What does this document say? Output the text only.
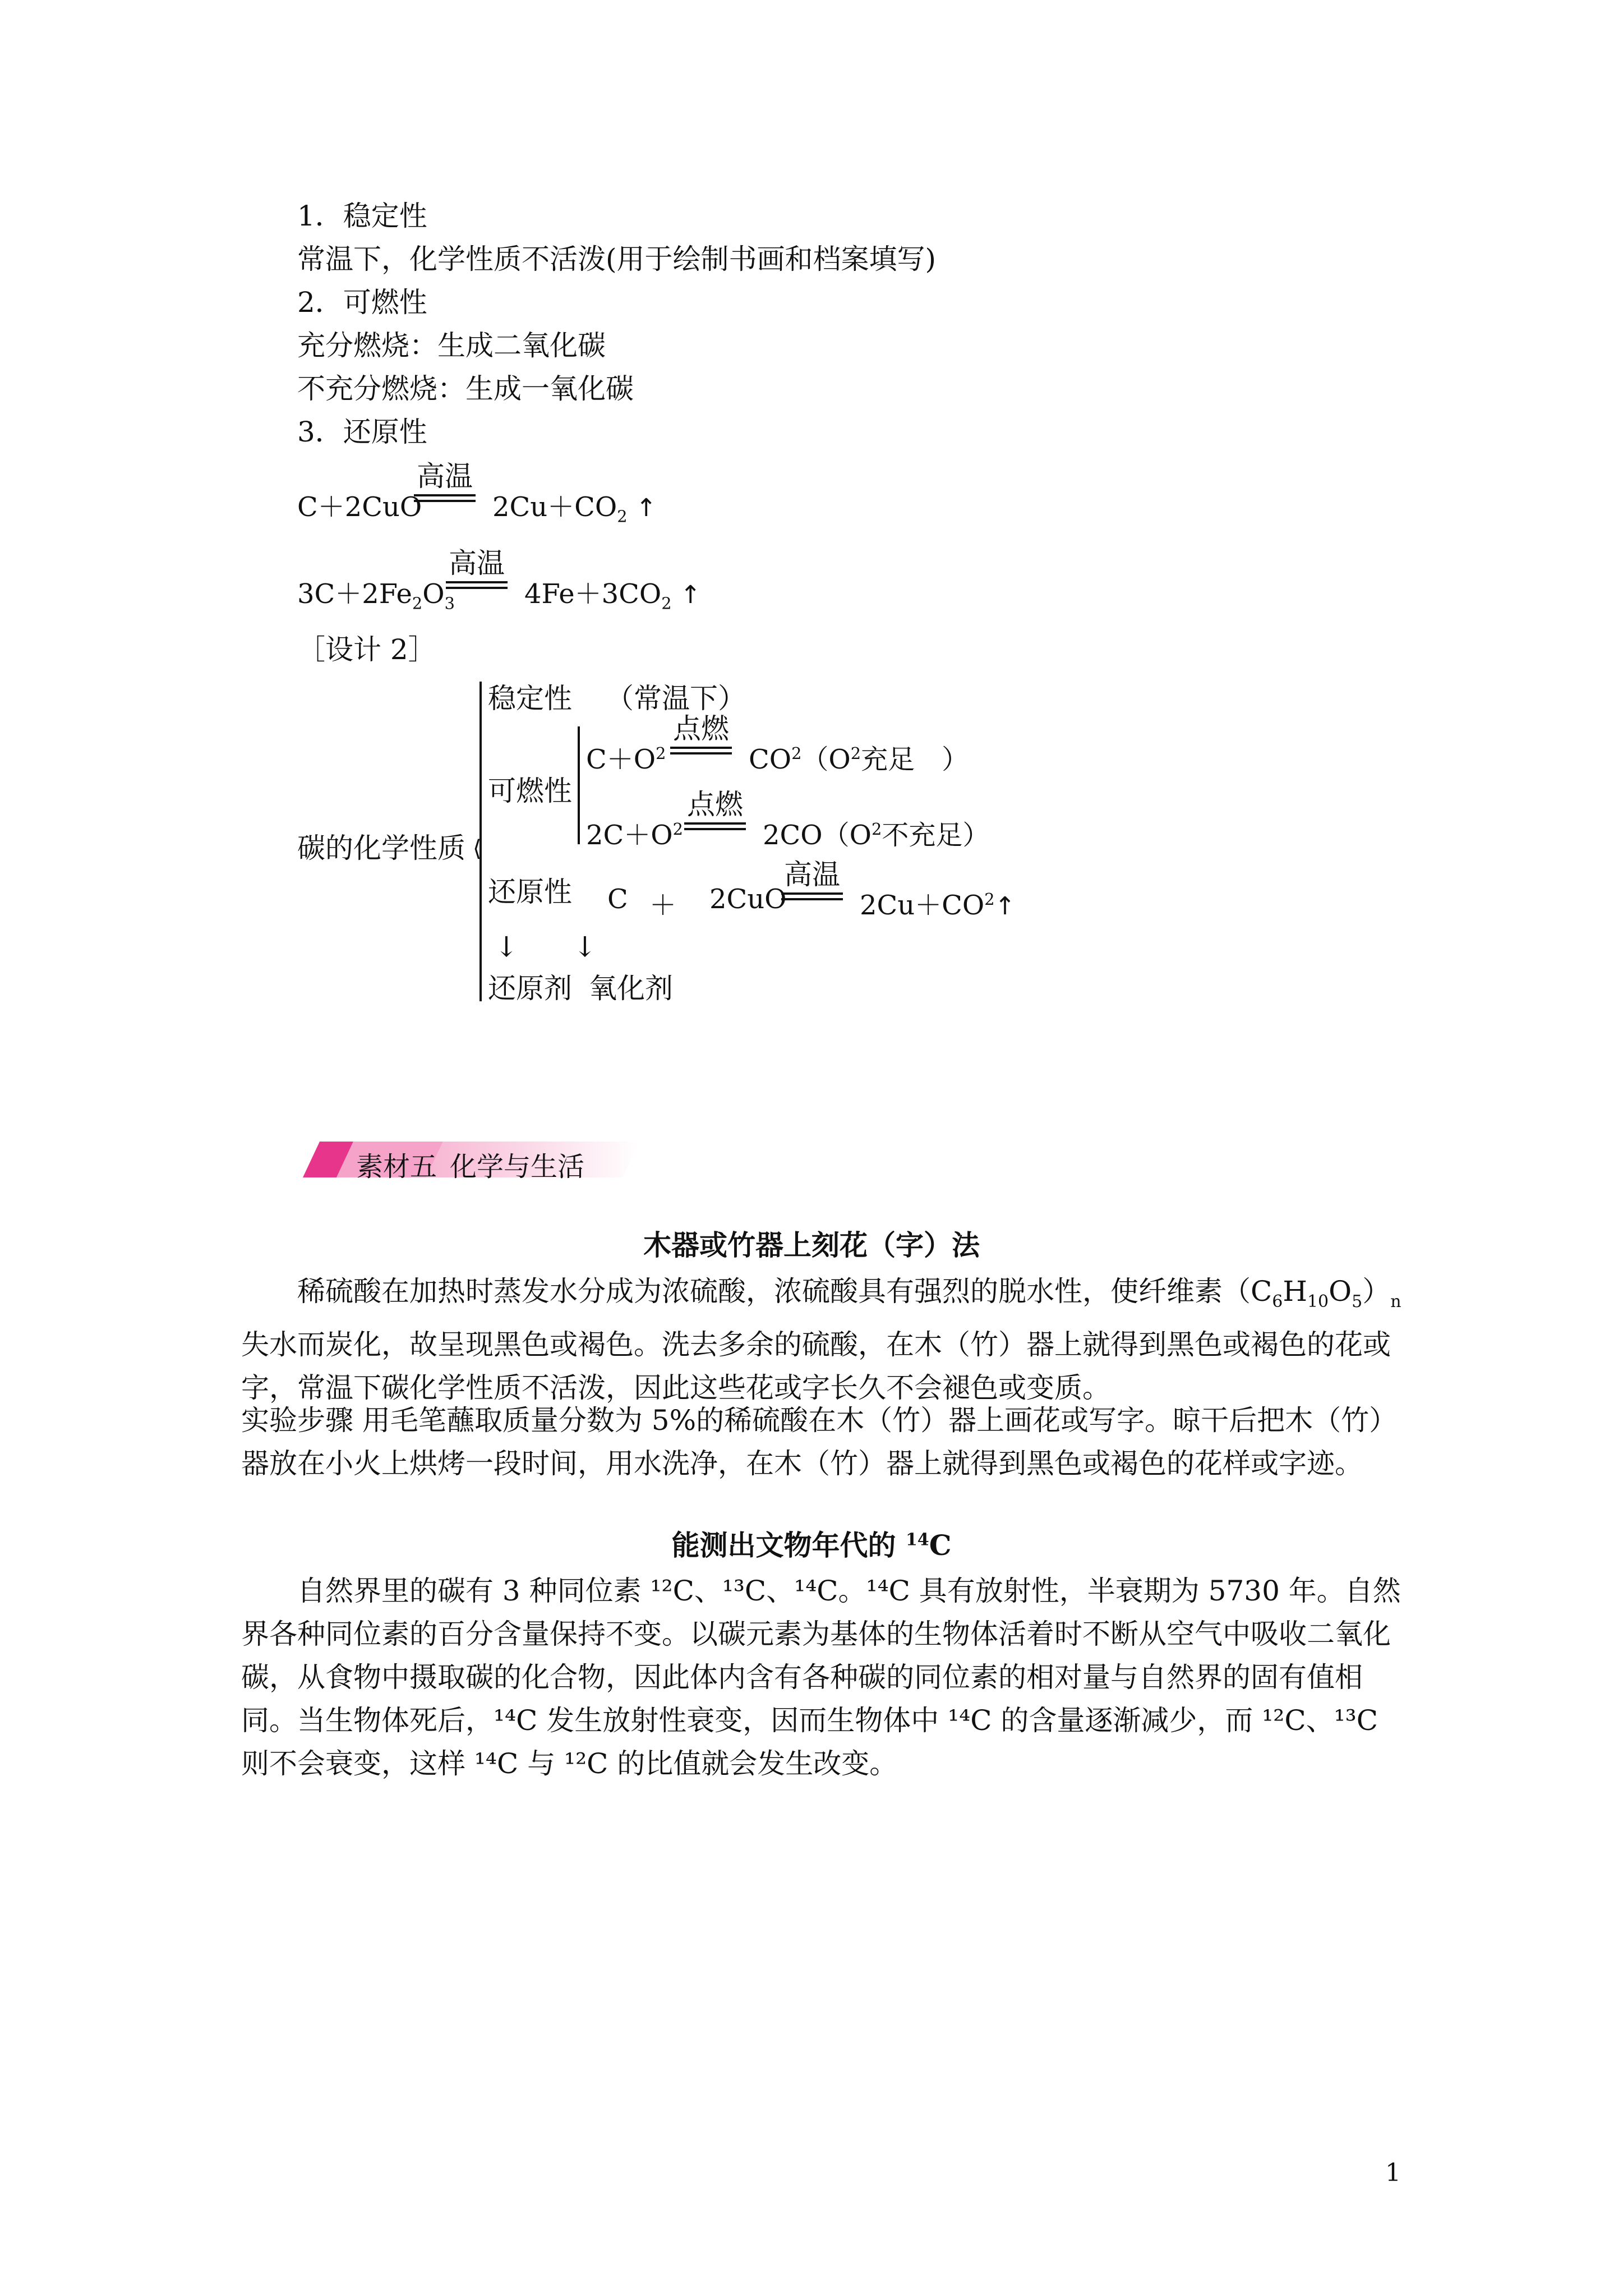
1．稳定性
常温下，化学性质不活泼(用于绘制书画和档案填写)
2．可燃性
充分燃烧：生成二氧化碳
不充分燃烧：生成一氧化碳
3．还原性
C＋2CuO
高温
$2Cu+CO_2$ ↑
$3C+2Fe_2O_3$
高温
$4Fe+3CO_2$ ↑
［设计 2］
碳的化学性质 ⟨
稳定性 （常温下）
可燃性
$C+O^2$
点燃
$CO^2(O^2$充足　）
$2C+O^2$
点燃
$2CO(O^2$不充足）
还原性 C ＋ 2CuO
高温
$2Cu+CO^2↑$
↓ ↓
还原剂 氧化剂
素材五 化学与生活
木器或竹器上刻花（字）法
稀硫酸在加热时蒸发水分成为浓硫酸，浓硫酸具有强烈的脱水性，使纤维素$(C_6H_{10}O_5)_n$失水而炭化，故呈现黑色或褐色。洗去多余的硫酸，在木（竹）器上就得到黑色或褐色的花或字，常温下碳化学性质不活泼，因此这些花或字长久不会褪色或变质。
实验步骤 用毛笔蘸取质量分数为 5%的稀硫酸在木（竹）器上画花或写字。晾干后把木（竹）器放在小火上烘烤一段时间，用水洗净，在木（竹）器上就得到黑色或褐色的花样或字迹。
能测出文物年代的 $^{14}$C
自然界里的碳有 3 种同位素 ¹²C、¹³C、¹⁴C。¹⁴C 具有放射性，半衰期为 5730 年。自然界各种同位素的百分含量保持不变。以碳元素为基体的生物体活着时不断从空气中吸收二氧化碳，从食物中摄取碳的化合物，因此体内含有各种碳的同位素的相对量与自然界的固有值相同。当生物体死后，¹⁴C 发生放射性衰变，因而生物体中 ¹⁴C 的含量逐渐减少，而 ¹²C、¹³C 则不会衰变，这样 ¹⁴C 与 ¹²C 的比值就会发生改变。
1
